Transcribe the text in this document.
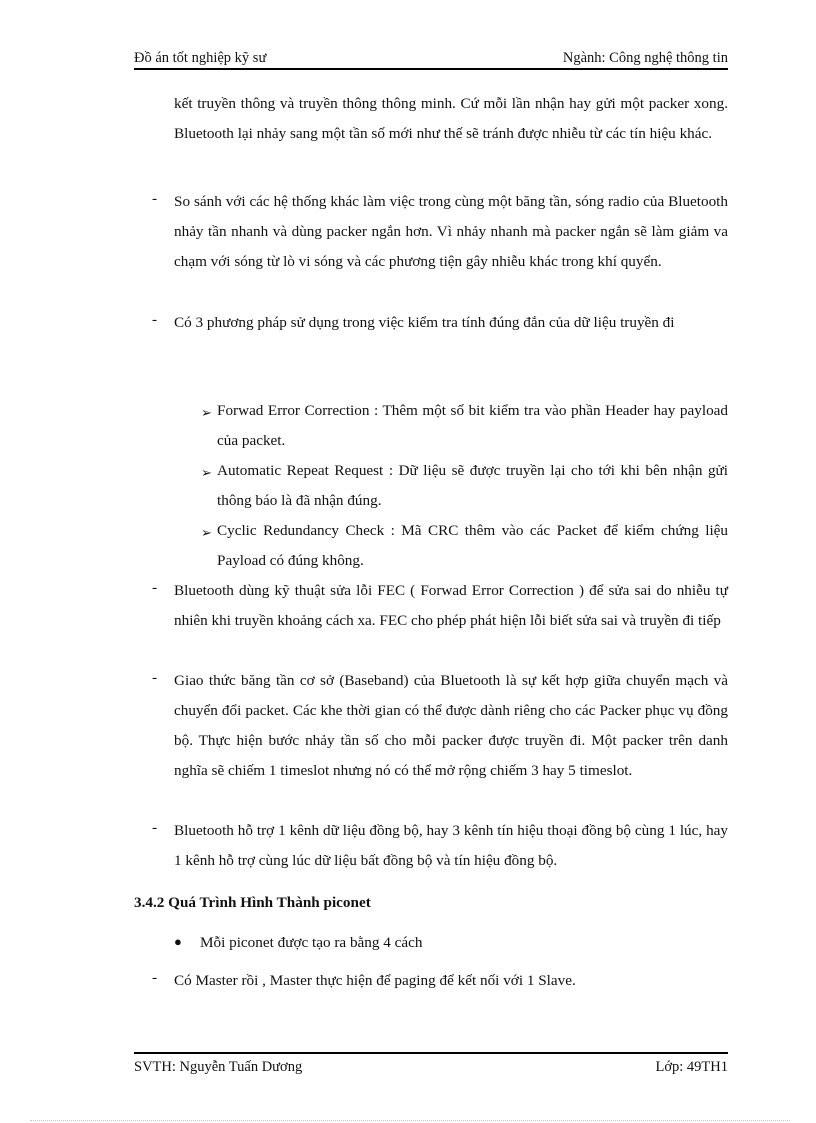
Đồ án tốt nghiệp kỹ sư	Ngành: Công nghệ thông tin
kết truyền thông và truyền thông thông minh. Cứ mỗi lần nhận hay gửi một packer xong. Bluetooth lại nhảy sang một tần số mới như thế sẽ tránh được nhiễu từ các tín hiệu khác.
- So sánh với các hệ thống khác làm việc trong cùng một băng tần, sóng radio của Bluetooth nhảy tần nhanh và dùng packer ngắn hơn. Vì nhảy nhanh mà packer ngắn sẽ làm giảm va chạm với sóng từ lò vi sóng và các phương tiện gây nhiễu khác trong khí quyển.
- Có 3 phương pháp sử dụng trong việc kiểm tra tính đúng đắn của dữ liệu truyền đi
➢ Forwad Error Correction : Thêm một số bit kiểm tra vào phần Header hay payload của packet.
➢ Automatic Repeat Request : Dữ liệu sẽ được truyền lại cho tới khi bên nhận gửi thông báo là đã nhận đúng.
➢ Cyclic Redundancy Check : Mã CRC thêm vào các Packet để kiểm chứng liệu Payload có đúng không.
- Bluetooth dùng kỹ thuật sửa lỗi FEC ( Forwad Error Correction ) để sửa sai do nhiễu tự nhiên khi truyền khoảng cách xa. FEC cho phép phát hiện lỗi biết sửa sai và truyền đi tiếp
- Giao thức băng tần cơ sở (Baseband) của Bluetooth là sự kết hợp giữa chuyển mạch và chuyển đổi packet. Các khe thời gian có thể được dành riêng cho các Packer phục vụ đồng bộ. Thực hiện bước nhảy tần số cho mỗi packer được truyền đi. Một packer trên danh nghĩa sẽ chiếm 1 timeslot nhưng nó có thể mở rộng chiếm 3 hay 5 timeslot.
- Bluetooth hỗ trợ 1 kênh dữ liệu đồng bộ, hay 3 kênh tín hiệu thoại đồng bộ cùng 1 lúc, hay 1 kênh hỗ trợ cùng lúc dữ liệu bất đồng bộ và tín hiệu đồng bộ.
3.4.2 Quá Trình Hình Thành piconet
● Mỗi piconet được tạo ra bằng 4 cách
- Có Master rồi , Master thực hiện để paging để kết nối với 1 Slave.
SVTH: Nguyễn Tuấn Dương	Lớp: 49TH1
